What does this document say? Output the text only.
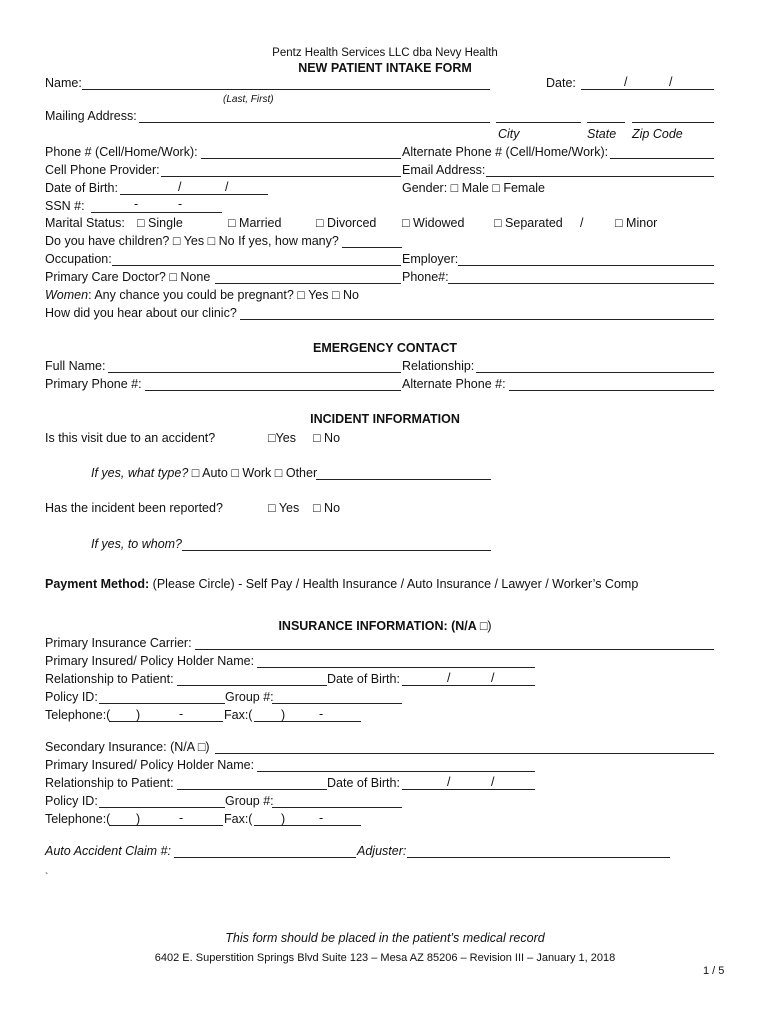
Pentz Health Services LLC dba Nevy Health
NEW PATIENT INTAKE FORM
Name:	Date:	/	/
(Last, First)
Mailing Address:
City	State Zip Code
Phone # (Cell/Home/Work):	Alternate Phone # (Cell/Home/Work):
Cell Phone Provider:	Email Address:
Date of Birth:	/	/	Gender: □ Male □ Female
SSN #:	-	-
Marital Status: □ Single	□ Married	□ Divorced □ Widowed □ Separated /	□ Minor
Do you have children? □ Yes □ No If yes, how many?
Occupation:	Employer:
Primary Care Doctor? □ None	Phone#:
Women: Any chance you could be pregnant? □ Yes □ No
How did you hear about our clinic?
EMERGENCY CONTACT
Full Name:	Relationship:
Primary Phone #:	Alternate Phone #:
INCIDENT INFORMATION
Is this visit due to an accident?	□Yes □ No
If yes, what type? □ Auto □ Work □ Other
Has the incident been reported?	□ Yes □ No
If yes, to whom?
Payment Method: (Please Circle) - Self Pay / Health Insurance / Auto Insurance / Lawyer / Worker’s Comp
INSURANCE INFORMATION: (N/A □)
Primary Insurance Carrier:
Primary Insured/ Policy Holder Name:
Relationship to Patient:	Date of Birth:	/	/
Policy ID:	Group #:
Telephone:( )	-	Fax:( )	-
Secondary Insurance: (N/A □)
Primary Insured/ Policy Holder Name:
Relationship to Patient:	Date of Birth:	/	/
Policy ID:	Group #:
Telephone:( )	-	Fax:( )	-
Auto Accident Claim #:	Adjuster:
`
This form should be placed in the patient’s medical record
6402 E. Superstition Springs Blvd Suite 123 – Mesa AZ 85206 – Revision III – January 1, 2018
1 / 5
